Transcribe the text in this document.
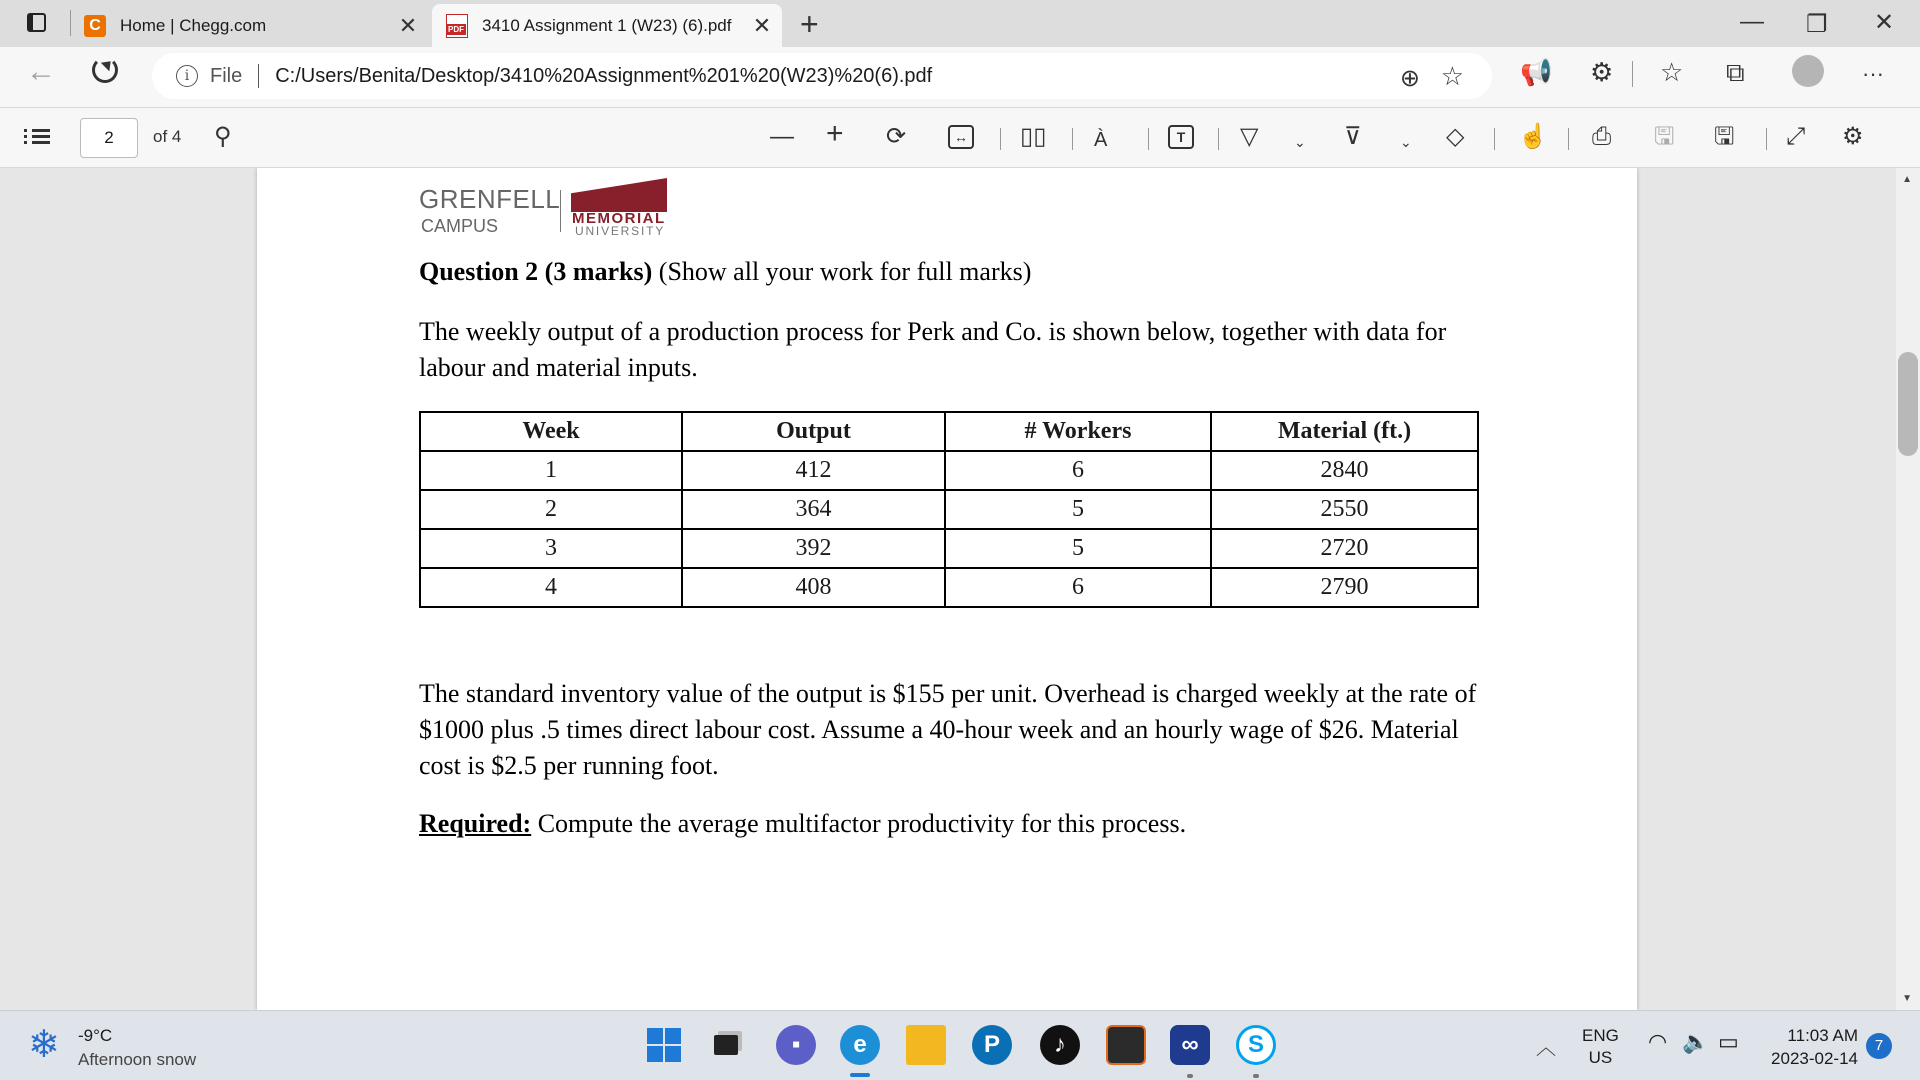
C	Home | Chegg.com	✕	PDF 3410 Assignment 1 (W23) (6).pdf ✕ +	— ❐ ✕
←	i	File C:/Users/Benita/Desktop/3410%20Assignment%201%20(W23)%20(6).pdf	⊕ ☆ 📢 ⚙ ☆ ⧉	···
2	of 4 ⚲	— + ⟳	↔ ▯▯ À	T	▽	⌄ ⊽	⌄ ◇ ☝ ⎙ 🖫 🖫 ⤢ ⚙
GRENFELL
CAMPUS	MEMORIAL
UNIVERSITY
Question 2 (3 marks) (Show all your work for full marks)
The weekly output of a production process for Perk and Co. is shown below, together with data for labour and material inputs.
Week	Output	# Workers	Material (ft.)
1	412	6	2840
2	364	5	2550
3	392	5	2720
4	408	6	2790
The standard inventory value of the output is $155 per unit. Overhead is charged weekly at the rate of $1000 plus .5 times direct labour cost. Assume a 40-hour week and an hourly wage of $26. Material cost is $2.5 per running foot.
Required: Compute the average multifactor productivity for this process.
▲
▼
❄ -9°C
Afternoon snow
▪	e	P	♪	∞	S	︿
ENG
US
◠ 🔈 ▭	11:03 AM
2023-02-14
7
